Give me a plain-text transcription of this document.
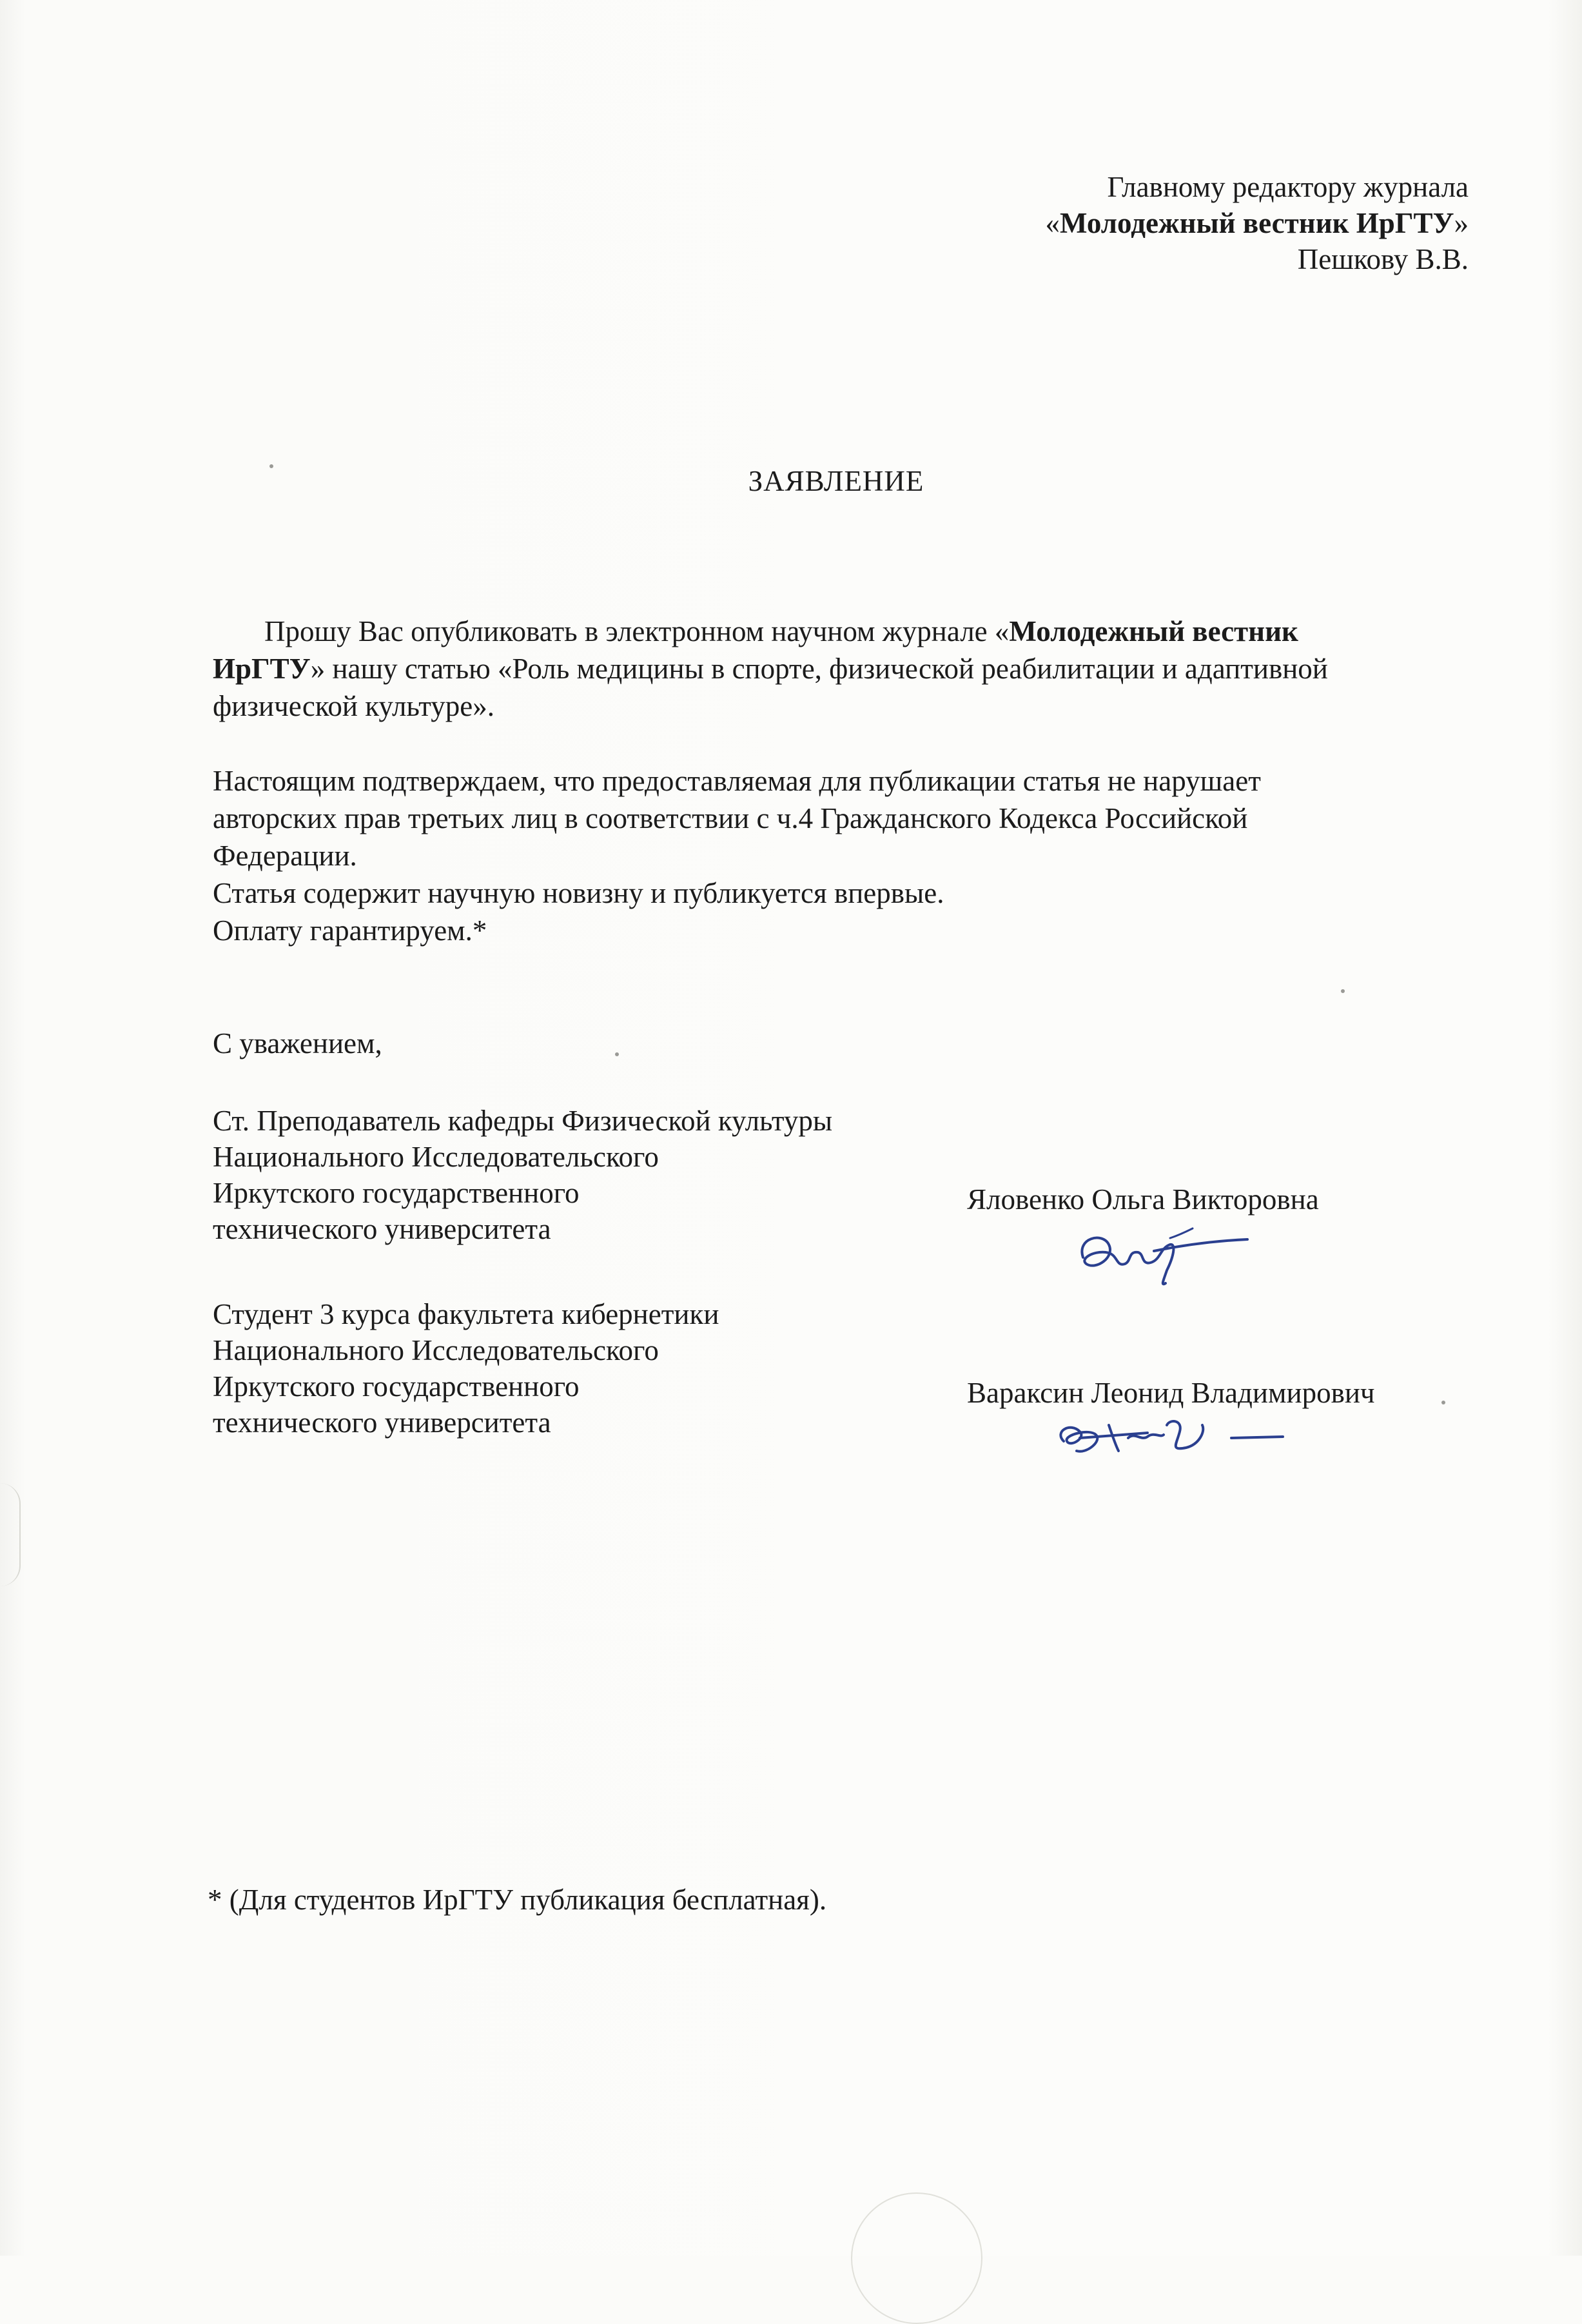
Главному редактору журнала
«Молодежный вестник ИрГТУ»
Пешкову В.В.
ЗАЯВЛЕНИЕ

Прошу Вас опубликовать в электронном научном журнале «Молодежный вестник
ИрГТУ» нашу статью «Роль медицины в спорте, физической реабилитации и адаптивной
физической культуре».

Настоящим подтверждаем, что предоставляемая для публикации статья не нарушает
авторских прав третьих лиц в соответствии с ч.4 Гражданского Кодекса Российской
Федерации.
Статья содержит научную новизну и публикуется впервые.
Оплату гарантируем.*
С уважением,
Ст. Преподаватель кафедры Физической культуры
Национального Исследовательского
Иркутского государственного
технического университета
Яловенко Ольга Викторовна
Студент 3 курса факультета кибернетики
Национального Исследовательского
Иркутского государственного
технического университета
Вараксин Леонид Владимирович
* (Для студентов ИрГТУ публикация бесплатная).
